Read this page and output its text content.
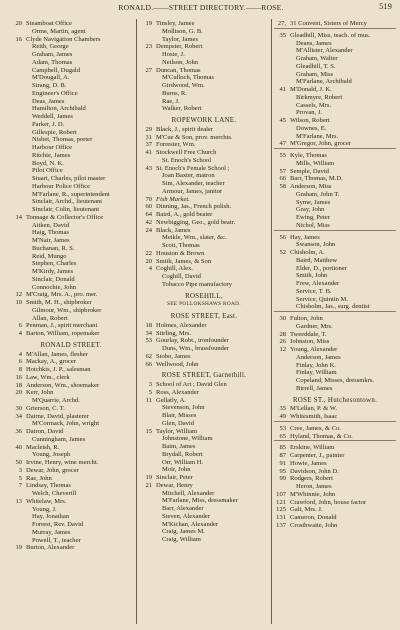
RONALD.——STREET DIRECTORY.——ROSE.	519
20 Steamboat Office
Orme, Martin, agent
16 Clyde Navigation Chambers
Reith, George
Graham, James
Adam, Thomas
Campbell, Dugald
M'Dougall, A.
Strang, D. B.
Engineer's Office
Deas, James
Hamilton, Archibald
Weddell, James
Parker, J. D.
Gillespie, Robert
Nisbet, Thomas, porter
Harbour Office
Ritchie, James
Boyd, N. K.
Pilot Office
Stuart, Charles, pilot master
Harbour Police Office
M'Farlane, R., superintendent
Sinclair, Archd., lieutenant
Sinclair, Colin, lieutenant
14 Tonnage & Collector's Office
Aitken, David
Haig, Thomas
M'Nair, James
Buchanan, R. S.
Reid, Mungo
Stephen, Charles
M'Kirdy, James
Sinclair, Donald
Connochie, John
12 M'Craig, Mrs. A., pro. mer.
10 Smith, M. H., shipbroker
Gilmour, Wm., shipbroker
Allan, Robert
6 Penman, J., spirit merchant
4 Barton, William, ropemaker
RONALD STREET.
4 M'Allan, James, flesher
6 Mackay, A., grocer
8 Hotchkis, J. P., salesman
16 Law, Wm., clerk
18 Anderson, Wm., shoemaker
20 Kerr, John
M'Quarrie, Archd.
30 Grierson, C. T.
34 Dairne, David, plasterer
M'Cormack, John, wright
36 Dairon, David
Cunningham, James
40 Macleish, R.
Young, Joseph
50 Irvine, Henry, wine mercht.
3 Dewar, John, grocer
5 Rae, John
7 Lindsay, Thomas
Welch, Cheverill
13 Whitelaw, Mrs.
Young, J.
Hay, Jonathan
Forrest, Rev. David
Murray, James
Powell, T., teacher
19 Burton, Alexander
19 Tinsley, James
Mollison, G. B.
Taylor, James
23 Dempster, Robert
Hosie, J.
Neilson, John
27 Duncan, Thomas
M'Culloch, Thomas
Girdwood, Wm.
Burns, R.
Rae, J.
Walker, Robert
ROPEWORK LANE.
29 Black, J., spirit dealer
31 M'Cue & Son, prov. merchts.
37 Forrester, Wm.
41 Stockwell Free Church
St. Enoch's School
43 St. Enoch's Female School ;
Joan Baxter, matron
Sim, Alexander, teacher
Armour, James, janitor
70 Fish Market.
60 Dinning, Jas., French polish.
64 Baird, A., gold beater
42 Newbigging, Geo., gold beatr.
24 Black, James
Meikle, Wm., slater, &c.
Scott, Thomas
22 Houston & Brown
20 Smith, James, & Son
4 Coghill, Alex.
Coghill, David
Tobacco Pipe manufactory
ROSEHILL,
SEE POLLOKSHAWS ROAD.
ROSE STREET, East.
18 Holmes, Alexander
34 Stirling, Mrs.
53 Gourlay, Robt., ironfounder
Duns, Wm., brassfounder
62 Stobo, James
66 Wellwood, John
ROSE STREET, Garnethill.
3 School of Art ; David Glen
5 Ross, Alexander
11 Gellatly, A.
Stevenson, John
Blair, Misses
Glen, David
15 Taylor, William
Johnstone, William
Baim, James
Brydall, Robert
Orr, William H.
Moir, John
19 Sinclair, Peter
21 Dewar, Henry
Mitchell, Alexander
M'Farlane, Miss, dressmaker
Barr, Alexander
Steven, Alexander
M'Kichan, Alexander
Craig, James M.
Craig, William
27, 31 Convent, Sisters of Mercy
35 Gleadhill, Miss, teach. of mus.
Deans, James
M'Allister, Alexander
Graham, Walter
Gleadhill, T. S.
Graham, Miss
M'Farlane, Archibald
41 M'Donald, J. K.
Birkmyre, Robert
Cassels, Mrs.
Provan, J.
45 Wilson, Robert
Downes, E.
M'Farlane, Mrs.
47 M'Gregor, John, grocer
55 Kyle, Thomas
Mills, William
57 Semple, David
66 Barr, Thomas, M.D.
58 Anderson, Miss
Graham, John T.
Syme, James
Gray, John
Ewing, Peter
Nichol, Miss
56 Hay, James
Swanson, John
52 Chisholm, A.
Baird, Matthew
Elder, D., portioner
Smith, John
Frew, Alexander
Service, T. B.
Service, Quintin M.
Chisholm, Jas., surg. dentist
30 Fulton, John
Gardner, Mrs.
28 Tweeddale, T.
26 Johnston, Miss
12 Young, Alexander
Anderson, James
Finlay, John K.
Finlay, William
Copeland, Misses, dressmkrs.
Birrell, James
ROSE ST., Hutchesontown.
35 M'Lellan, P. & W.
49 Whitesmith, Isaac
53 Cree, James, & Co.
65 Hyland, Thomas, & Co.
85 Erskine, William
87 Carpenter, J., painter
91 Howie, James
95 Davidson, John D.
99 Rodgers, Robert
Heron, James
107 M'Whinnie, John
121 Crawford, John, house factor
125 Galt, Mrs. J.
131 Cameron, Donald
137 Crosthwaite, John
